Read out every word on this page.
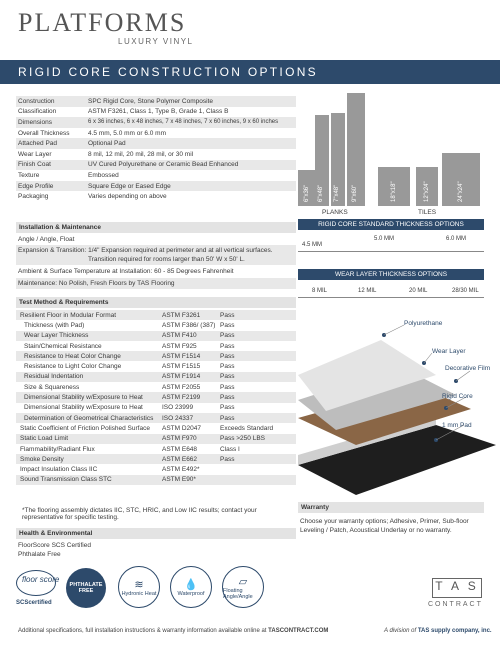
PLATFORMS
LUXURY VINYL
RIGID CORE CONSTRUCTION OPTIONS
Construction	SPC Rigid Core, Stone Polymer Composite
Classification	ASTM F3261, Class 1, Type B, Grade 1, Class B
Dimensions	6 x 36 inches, 6 x 48 inches, 7 x 48 inches, 7 x 60 inches, 9 x 60 inches
Overall Thickness	4.5 mm, 5.0 mm or 6.0 mm
Attached Pad	Optional Pad
Wear Layer	8 mil, 12 mil, 20 mil, 28 mil, or 30 mil
Finish Coat	UV Cured Polyurethane or Ceramic Bead Enhanced
Texture	Embossed
Edge Profile	Square Edge or Eased Edge
Packaging	Varies depending on above	6"x36" 6"x48" 7"x48" 9"x60"
PLANKS
18"x18"	12"x24"	24"x24"
TILES
Installation & Maintenance
Angle / Angle, Float
Expansion & Transition: 1/4" Expansion required at perimeter and at all vertical surfaces.
Transition required for rooms larger than 50' W x 50' L.
Ambient & Surface Temperature at Installation: 60 - 85 Degrees Fahrenheit
Maintenance: No Polish, Fresh Floors by TAS Flooring
RIGID CORE STANDARD THICKNESS OPTIONS
4.5 MM
5.0 MM	6.0 MM
WEAR LAYER THICKNESS OPTIONS
8 MIL	12 MIL	20 MIL	28/30 MIL
Test Method & Requirements
Resilient Floor in Modular Format	ASTM F3261	Pass
Thickness (with Pad)	ASTM F386/ (387) Pass
Wear Layer Thickness	ASTM F410	Pass
Stain/Chemical Resistance	ASTM F925	Pass
Resistance to Heat Color Change	ASTM F1514	Pass
Resistance to Light Color Change	ASTM F1515	Pass
Residual Indentation	ASTM F1914	Pass
Size & Squareness	ASTM F2055	Pass
Dimensional Stability w/Exposure to Heat	ASTM F2199	Pass
Dimensional Stability w/Exposure to Heat	ISO 23999	Pass
Determination of Geometrical Characteristics	ISO 24337	Pass
Static Coefficient of Friction Polished Surface	ASTM D2047	Exceeds Standard
Static Load Limit	ASTM F970	Pass >250 LBS
Flammability/Radiant Flux	ASTM E648	Class I
Smoke Density	ASTM E662	Pass
Impact Insulation Class IIC	ASTM E492*
Sound Transmission Class STC	ASTM E90*
*The flooring assembly dictates IIC, STC, HRIC, and Low IIC results; contact your
representative for specific testing.
Health & Environmental
FloorScore SCS Certified
Phthalate Free
Polyurethane
Wear Layer
Decorative Film
Rigid Core
1 mm Pad
Warranty
Choose your warranty options; Adhesive, Primer, Sub-floor
Leveling / Patch, Acoustical Underlay or no warranty.
floor score
SCScertified
PHTHALATE FREE
≋
Hydronic Heat
💧
Waterproof
▱
Floating Angle/Angle
T A S
CONTRACT
Additional specifications, full installation instructions & warranty information available online at TASCONTRACT.COM	A division of TAS supply company, inc.
